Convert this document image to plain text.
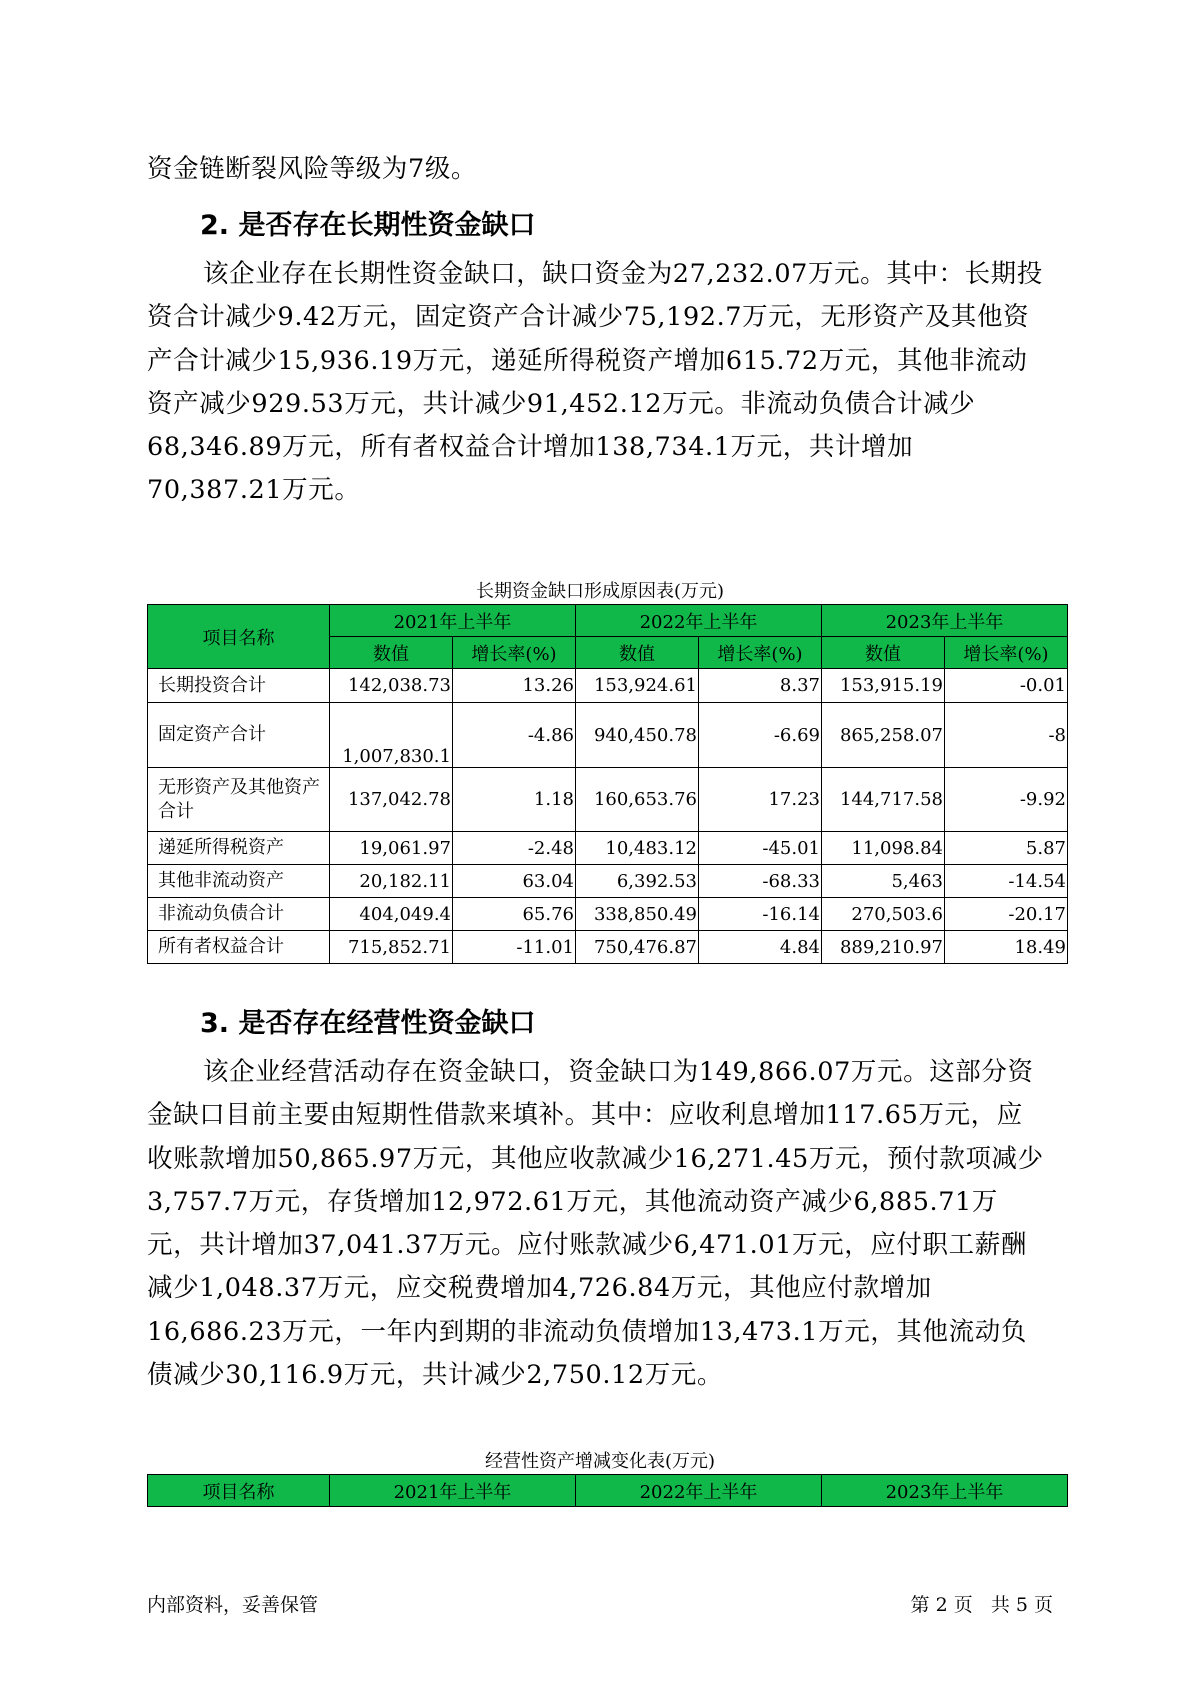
资金链断裂风险等级为7级。

2. 是否存在长期性资金缺口

该企业存在长期性资金缺口，缺口资金为27,232.07万元。其中：长期投资合计减少9.42万元，固定资产合计减少75,192.7万元，无形资产及其他资产合计减少15,936.19万元，递延所得税资产增加615.72万元，其他非流动资产减少929.53万元，共计减少91,452.12万元。非流动负债合计减少68,346.89万元，所有者权益合计增加138,734.1万元，共计增加70,387.21万元。

长期资金缺口形成原因表(万元)
项目名称	2021年上半年		2022年上半年		2023年上半年	
	数值	增长率(%)	数值	增长率(%)	数值	增长率(%)
长期投资合计	142,038.73	13.26	153,924.61	8.37	153,915.19	-0.01
固定资产合计	1,007,830.1	-4.86	940,450.78	-6.69	865,258.07	-8
无形资产及其他资产合计	137,042.78	1.18	160,653.76	17.23	144,717.58	-9.92
递延所得税资产	19,061.97	-2.48	10,483.12	-45.01	11,098.84	5.87
其他非流动资产	20,182.11	63.04	6,392.53	-68.33	5,463	-14.54
非流动负债合计	404,049.4	65.76	338,850.49	-16.14	270,503.6	-20.17
所有者权益合计	715,852.71	-11.01	750,476.87	4.84	889,210.97	18.49
3. 是否存在经营性资金缺口

该企业经营活动存在资金缺口，资金缺口为149,866.07万元。这部分资金缺口目前主要由短期性借款来填补。其中：应收利息增加117.65万元，应收账款增加50,865.97万元，其他应收款减少16,271.45万元，预付款项减少3,757.7万元，存货增加12,972.61万元，其他流动资产减少6,885.71万元，共计增加37,041.37万元。应付账款减少6,471.01万元，应付职工薪酬减少1,048.37万元，应交税费增加4,726.84万元，其他应付款增加16,686.23万元，一年内到期的非流动负债增加13,473.1万元，其他流动负债减少30,116.9万元，共计减少2,750.12万元。

经营性资产增减变化表(万元)
项目名称	2021年上半年	2022年上半年	2023年上半年
内部资料，妥善保管	第 2 页   共 5 页
